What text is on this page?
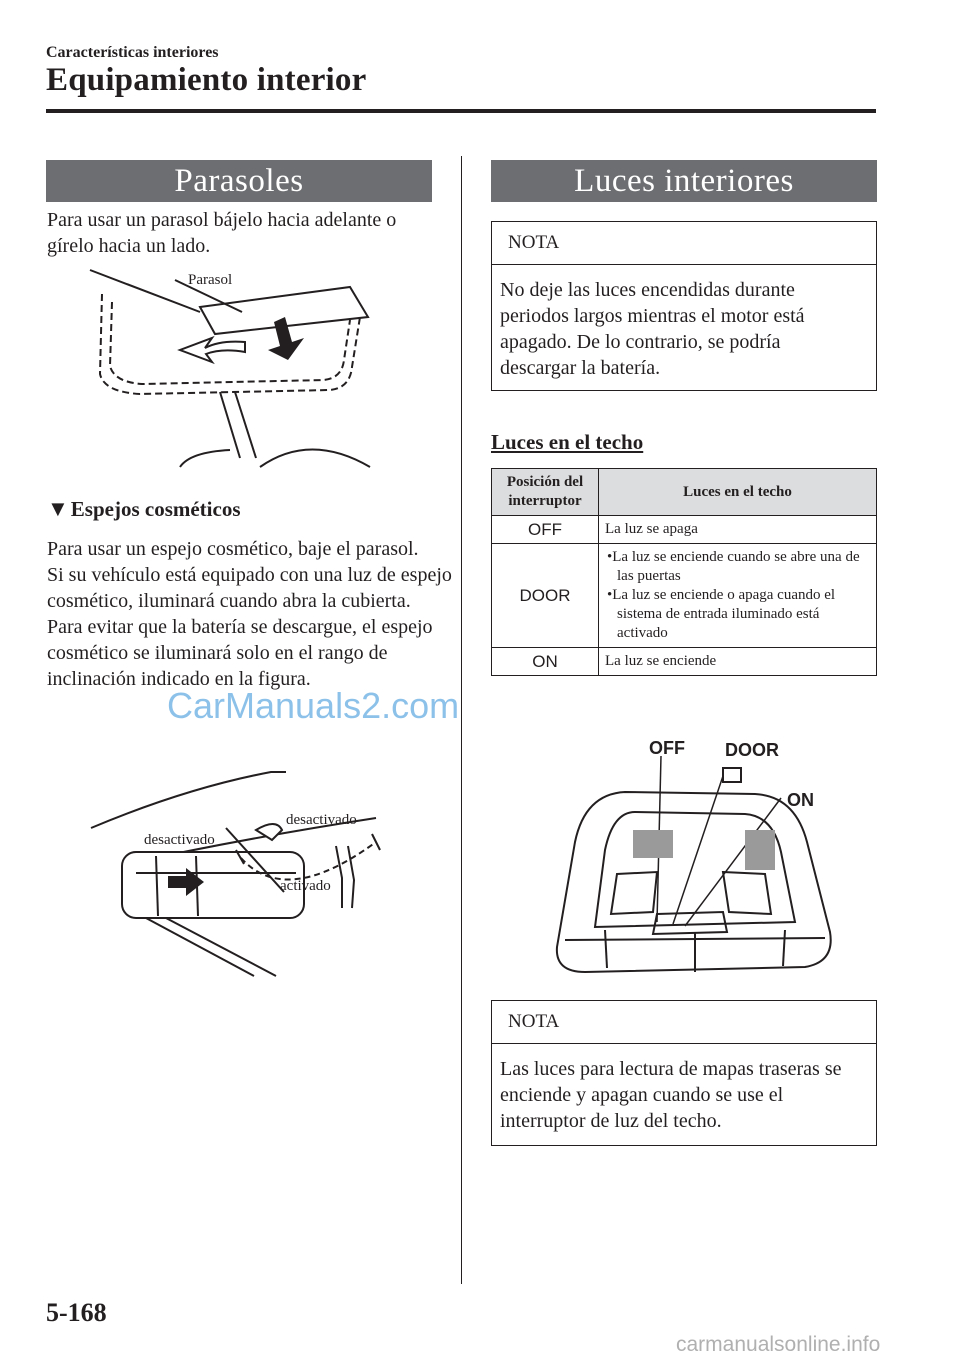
Características interiores
Equipamiento interior
Parasoles
Para usar un parasol bájelo hacia adelante o gírelo hacia un lado.
Parasol
▼Espejos cosméticos
Para usar un espejo cosmético, baje el parasol.
Si su vehículo está equipado con una luz de espejo cosmético, iluminará cuando abra la cubierta.
Para evitar que la batería se descargue, el espejo cosmético se iluminará solo en el rango de inclinación indicado en la figura.
desactivado
desactivado
activado
Luces interiores
NOTA
No deje las luces encendidas durante periodos largos mientras el motor está apagado. De lo contrario, se podría descargar la batería.
Luces en el techo
Posición del interruptor	Luces en el techo
OFF	La luz se apaga
DOOR	•La luz se enciende cuando se abre una de las puertas
•La luz se enciende o apaga cuando el sistema de entrada iluminado está activado

ON	La luz se enciende
OFF DOOR
ON
NOTA
Las luces para lectura de mapas traseras se enciende y apagan cuando se use el interruptor de luz del techo.
5-168
CarManuals2.com
carmanualsonline.info
